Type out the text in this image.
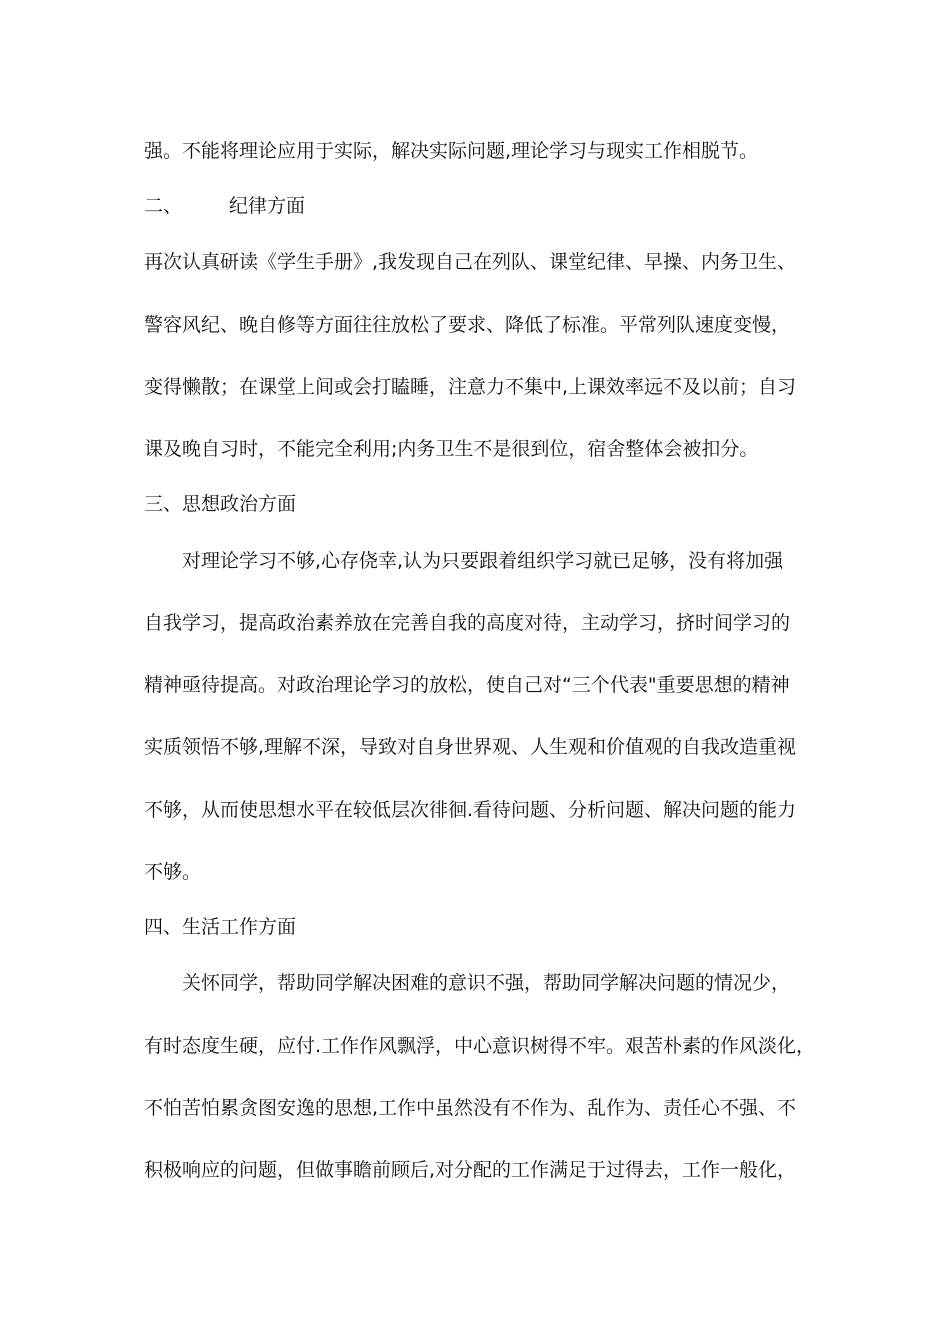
强。不能将理论应用于实际，解决实际问题,理论学习与现实工作相脱节。
二、 纪律方面
再次认真研读《学生手册》,我发现自己在列队、课堂纪律、早操、内务卫生、
警容风纪、晚自修等方面往往放松了要求、降低了标准。平常列队速度变慢，
变得懒散；在课堂上间或会打瞌睡，注意力不集中,上课效率远不及以前；自习
课及晚自习时，不能完全利用;内务卫生不是很到位，宿舍整体会被扣分。
三、思想政治方面
对理论学习不够,心存侥幸,认为只要跟着组织学习就已足够，没有将加强
自我学习，提高政治素养放在完善自我的高度对待，主动学习，挤时间学习的
精神亟待提高。对政治理论学习的放松，使自己对“三个代表"重要思想的精神
实质领悟不够,理解不深，导致对自身世界观、人生观和价值观的自我改造重视
不够，从而使思想水平在较低层次徘徊.看待问题、分析问题、解决问题的能力
不够。
四、生活工作方面
关怀同学，帮助同学解决困难的意识不强，帮助同学解决问题的情况少，
有时态度生硬，应付.工作作风飘浮，中心意识树得不牢。艰苦朴素的作风淡化，
不怕苦怕累贪图安逸的思想,工作中虽然没有不作为、乱作为、责任心不强、不
积极响应的问题，但做事瞻前顾后,对分配的工作满足于过得去，工作一般化，
